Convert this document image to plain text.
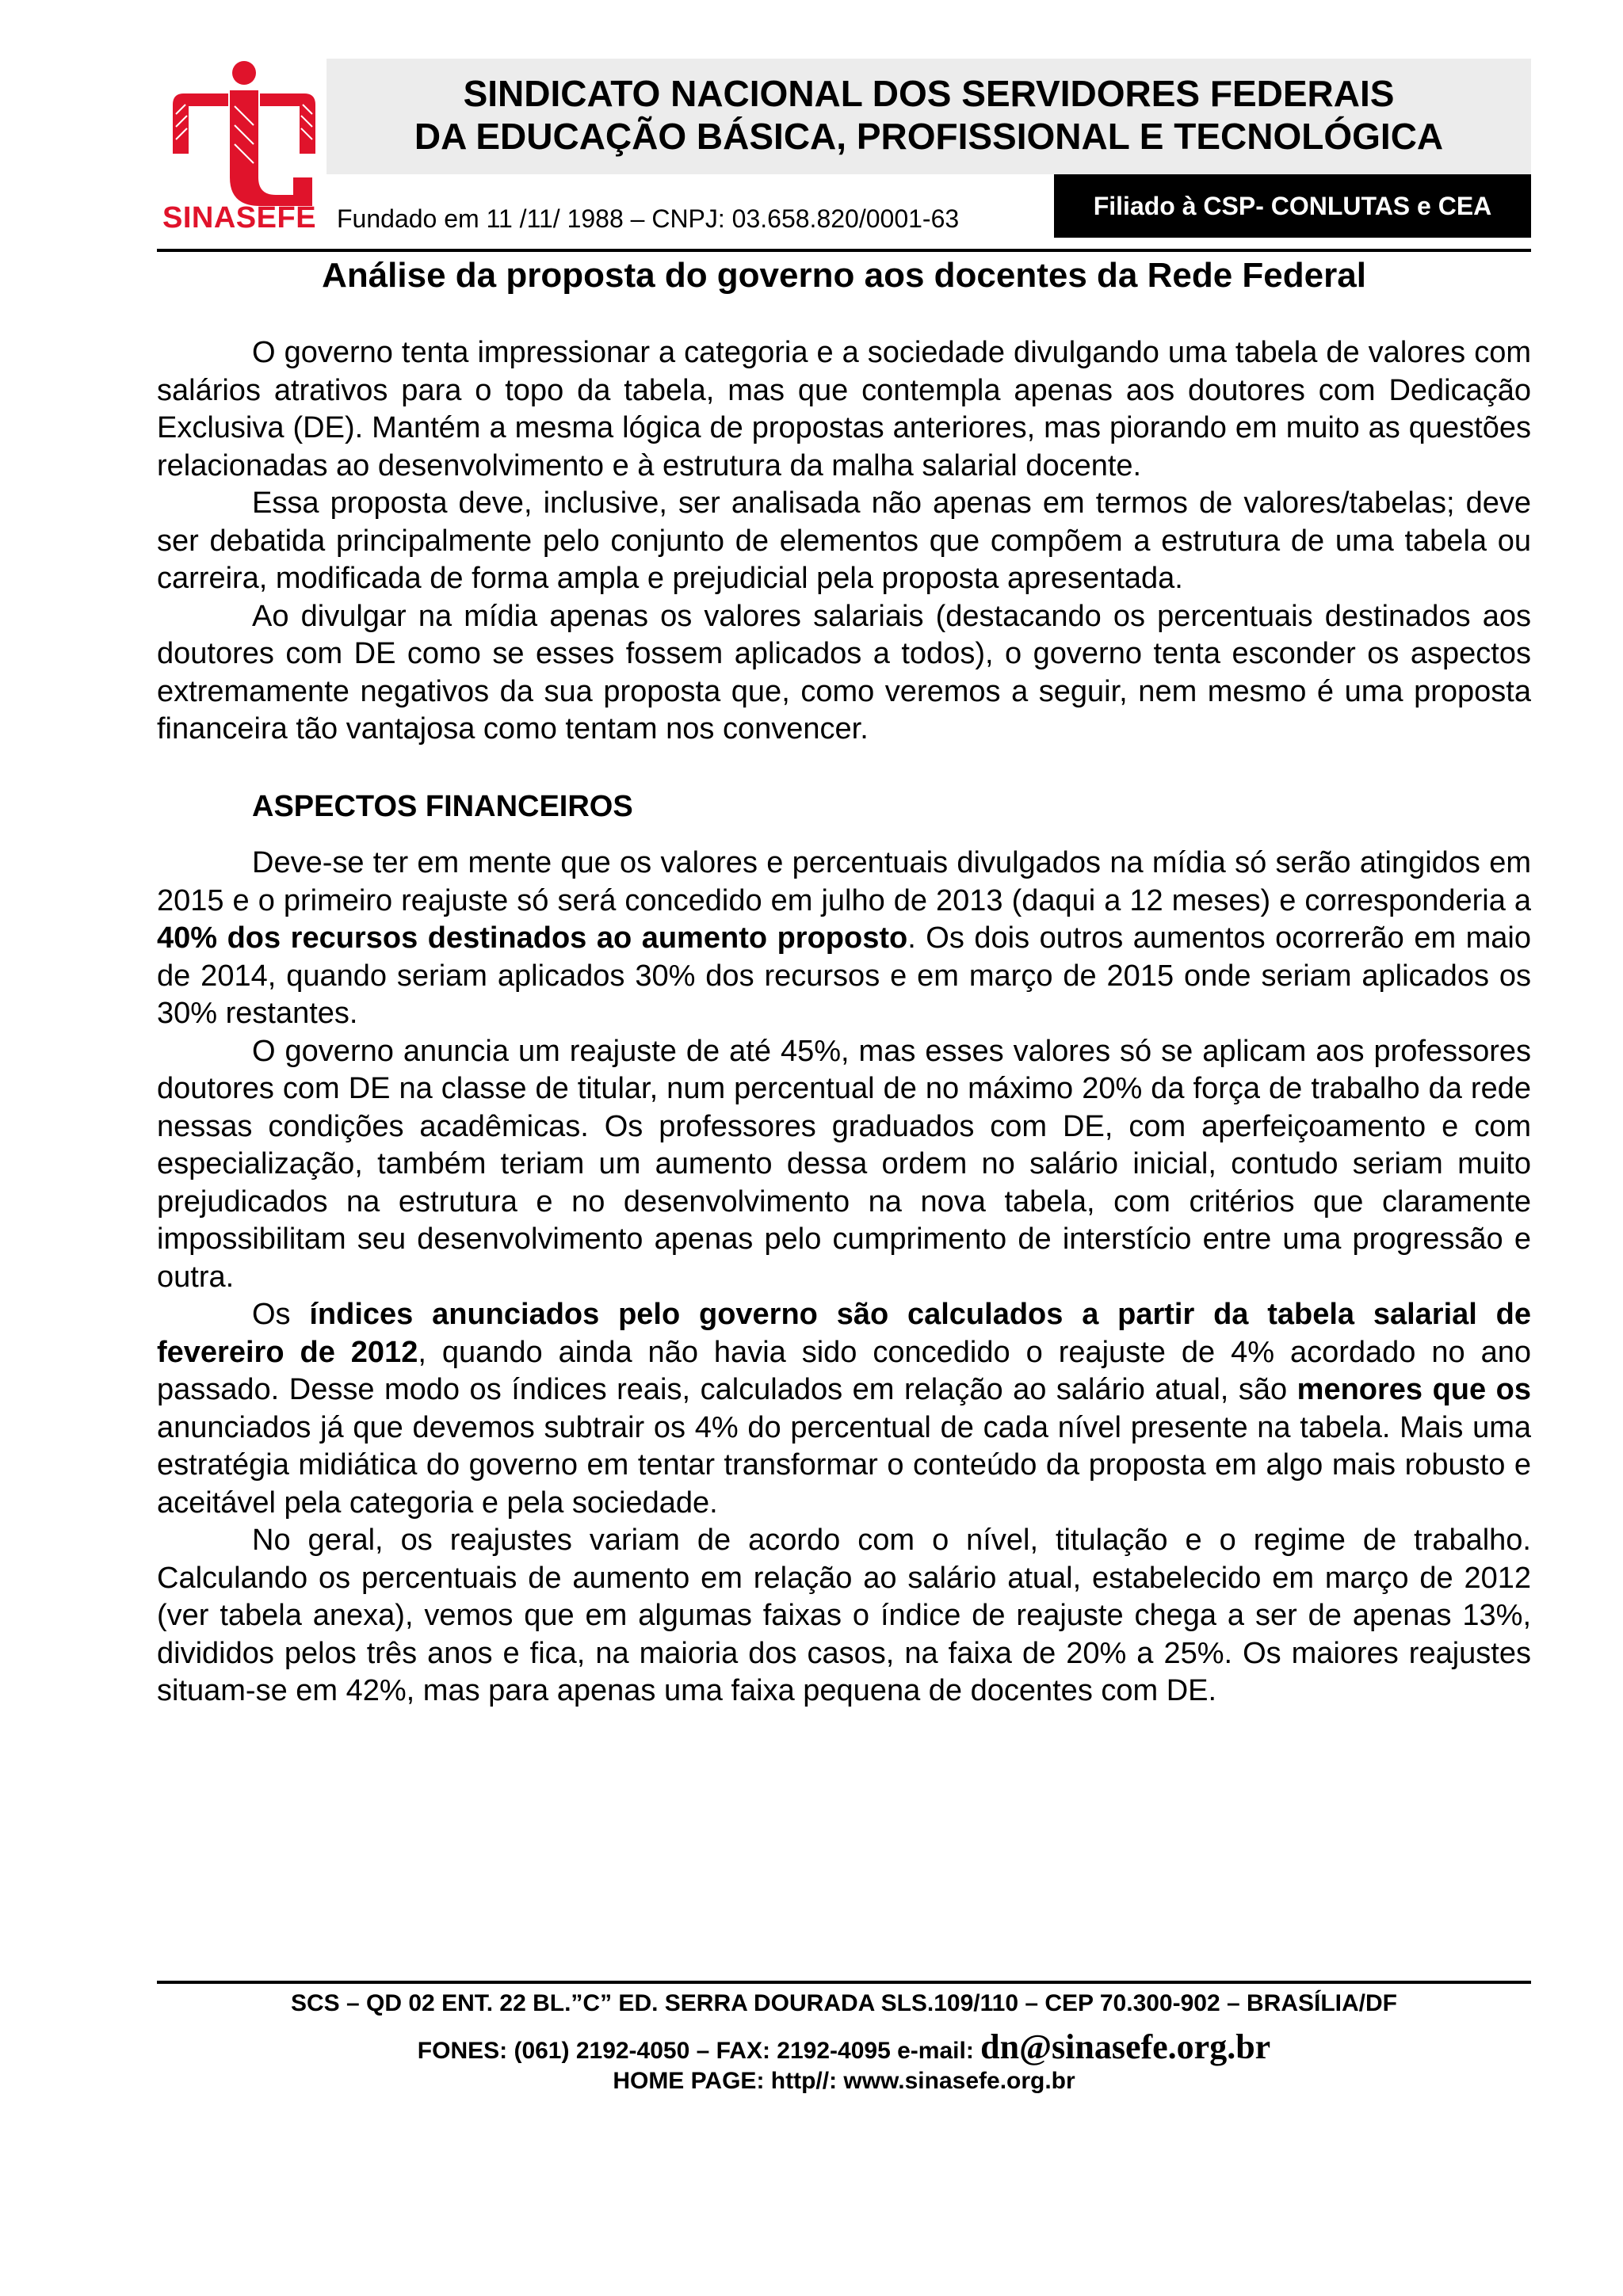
SINASEFE
SINDICATO NACIONAL DOS SERVIDORES FEDERAIS
DA EDUCAÇÃO BÁSICA, PROFISSIONAL E TECNOLÓGICA
Fundado em 11 /11/ 1988 – CNPJ: 03.658.820/0001-63	Filiado à CSP- CONLUTAS e CEA
Análise da proposta do governo aos docentes da Rede Federal

O governo tenta impressionar a categoria e a sociedade divulgando uma tabela de valores com salários atrativos para o topo da tabela, mas que contempla apenas aos doutores com Dedicação Exclusiva (DE). Mantém a mesma lógica de propostas anteriores, mas piorando em muito as questões relacionadas ao desenvolvimento e à estrutura da malha salarial docente.

Essa proposta deve, inclusive, ser analisada não apenas em termos de valores/tabelas; deve ser debatida principalmente pelo conjunto de elementos que compõem a estrutura de uma tabela ou carreira, modificada de forma ampla e prejudicial pela proposta apresentada.

Ao divulgar na mídia apenas os valores salariais (destacando os percentuais destinados aos doutores com DE como se esses fossem aplicados a todos), o governo tenta esconder os aspectos extremamente negativos da sua proposta que, como veremos a seguir, nem mesmo é uma proposta financeira tão vantajosa como tentam nos convencer.

ASPECTOS FINANCEIROS

Deve-se ter em mente que os valores e percentuais divulgados na mídia só serão atingidos em 2015 e o primeiro reajuste só será concedido em julho de 2013 (daqui a 12 meses) e corresponderia a 40% dos recursos destinados ao aumento proposto. Os dois outros aumentos ocorrerão em maio de 2014, quando seriam aplicados 30% dos recursos e em março de 2015 onde seriam aplicados os 30% restantes.

O governo anuncia um reajuste de até 45%, mas esses valores só se aplicam aos professores doutores com DE na classe de titular, num percentual de no máximo 20% da força de trabalho da rede nessas condições acadêmicas. Os professores graduados com DE, com aperfeiçoamento e com especialização, também teriam um aumento dessa ordem no salário inicial, contudo seriam muito prejudicados na estrutura e no desenvolvimento na nova tabela, com critérios que claramente impossibilitam seu desenvolvimento apenas pelo cumprimento de interstício entre uma progressão e outra.

Os índices anunciados pelo governo são calculados a partir da tabela salarial de fevereiro de 2012, quando ainda não havia sido concedido o reajuste de 4% acordado no ano passado. Desse modo os índices reais, calculados em relação ao salário atual, são menores que os anunciados já que devemos subtrair os 4% do percentual de cada nível presente na tabela. Mais uma estratégia midiática do governo em tentar transformar o conteúdo da proposta em algo mais robusto e aceitável pela categoria e pela sociedade.

No geral, os reajustes variam de acordo com o nível, titulação e o regime de trabalho. Calculando os percentuais de aumento em relação ao salário atual, estabelecido em março de 2012 (ver tabela anexa), vemos que em algumas faixas o índice de reajuste chega a ser de apenas 13%, divididos pelos três anos e fica, na maioria dos casos, na faixa de 20% a 25%. Os maiores reajustes situam-se em 42%, mas para apenas uma faixa pequena de docentes com DE.

SCS – QD 02 ENT. 22 BL.”C” ED. SERRA DOURADA SLS.109/110 – CEP 70.300-902 – BRASÍLIA/DF
FONES: (061) 2192-4050 – FAX: 2192-4095 e-mail: dn@sinasefe.org.br
HOME PAGE: http//: www.sinasefe.org.br
